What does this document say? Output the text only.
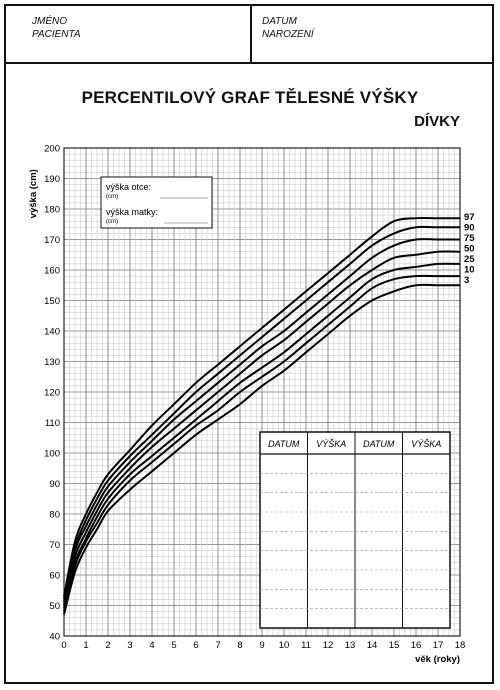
JMÉNO
PACIENTA
DATUM
NAROZENÍ
PERCENTILOVÝ GRAF TĚLESNÉ VÝŠKY
DÍVKY
40
50
60
70
80
90
100
110
120
130
140
150
160
170
180
190
200
0 1 2 3 4 5 6 7 8 9 10 11 12 13 14 15 16 17 18
věk (roky)
výška (cm)	97
90
75
50
25
10
3
výška otce:
(cm)
výška matky:
(cm)
DATUM VÝŠKA DATUM VÝŠKA
